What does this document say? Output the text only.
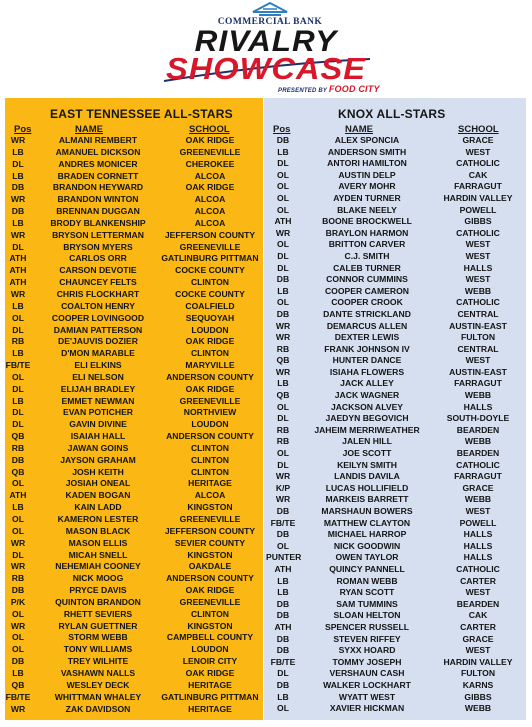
COMMERCIAL BANK
RIVALRY
SHOWCASE
PRESENTED BY FOOD CITY
EAST TENNESSEE ALL-STARS	KNOX ALL-STARS
Pos	NAME	SCHOOL	Pos	NAME	SCHOOL
WR	ALMANI REMBERT	OAK RIDGE
LB	AMANUEL DICKSON	GREENEVILLE
DL	ANDRES MONICER	CHEROKEE
LB	BRADEN CORNETT	ALCOA
DB	BRANDON HEYWARD	OAK RIDGE
WR	BRANDON WINTON	ALCOA
DB	BRENNAN DUGGAN	ALCOA
LB	BRODY BLANKENSHIP	ALCOA
WR	BRYSON LETTERMAN	JEFFERSON COUNTY
DL	BRYSON MYERS	GREENEVILLE
ATH	CARLOS ORR	GATLINBURG PITTMAN
ATH	CARSON DEVOTIE	COCKE COUNTY
ATH	CHAUNCEY FELTS	CLINTON
WR	CHRIS FLOCKHART	COCKE COUNTY
LB	COALTON HENRY	COALFIELD
OL	COOPER LOVINGOOD	SEQUOYAH
DL	DAMIAN PATTERSON	LOUDON
RB	DE'JAUVIS DOZIER	OAK RIDGE
LB	D'MON MARABLE	CLINTON
FB/TE	ELI ELKINS	MARYVILLE
OL	ELI NELSON	ANDERSON COUNTY
DL	ELIJAH BRADLEY	OAK RIDGE
LB	EMMET NEWMAN	GREENEVILLE
DL	EVAN POTICHER	NORTHVIEW
DL	GAVIN DIVINE	LOUDON
QB	ISAIAH HALL	ANDERSON COUNTY
RB	JAWAN GOINS	CLINTON
DB	JAYSON GRAHAM	CLINTON
QB	JOSH KEITH	CLINTON
OL	JOSIAH ONEAL	HERITAGE
ATH	KADEN BOGAN	ALCOA
LB	KAIN LADD	KINGSTON
OL	KAMERON LESTER	GREENEVILLE
OL	MASON BLACK	JEFFERSON COUNTY
WR	MASON ELLIS	SEVIER COUNTY
DL	MICAH SNELL	KINGSTON
WR	NEHEMIAH COONEY	OAKDALE
RB	NICK MOOG	ANDERSON COUNTY
DB	PRYCE DAVIS	OAK RIDGE
P/K	QUINTON BRANDON	GREENEVILLE
OL	RHETT SEVIERS	CLINTON
WR	RYLAN GUETTNER	KINGSTON
OL	STORM WEBB	CAMPBELL COUNTY
OL	TONY WILLIAMS	LOUDON
DB	TREY WILHITE	LENOIR CITY
LB	VASHAWN NALLS	OAK RIDGE
QB	WESLEY DECK	HERITAGE
FB/TE	WHITTMAN WHALEY	GATLINBURG PITTMAN
WR	ZAK DAVIDSON	HERITAGE
DB	ALEX SPONCIA	GRACE
LB	ANDERSON SMITH	WEST
DL	ANTORI HAMILTON	CATHOLIC
OL	AUSTIN DELP	CAK
OL	AVERY MOHR	FARRAGUT
OL	AYDEN TURNER	HARDIN VALLEY
OL	BLAKE NEELY	POWELL
ATH	BOONE BROCKWELL	GIBBS
WR	BRAYLON HARMON	CATHOLIC
OL	BRITTON CARVER	WEST
DL	C.J. SMITH	WEST
DL	CALEB TURNER	HALLS
DB	CONNOR CUMMINS	WEST
LB	COOPER CAMERON	WEBB
OL	COOPER CROOK	CATHOLIC
DB	DANTE STRICKLAND	CENTRAL
WR	DEMARCUS ALLEN	AUSTIN-EAST
WR	DEXTER LEWIS	FULTON
RB	FRANK JOHNSON IV	CENTRAL
QB	HUNTER DANCE	WEST
WR	ISIAHA FLOWERS	AUSTIN-EAST
LB	JACK ALLEY	FARRAGUT
QB	JACK WAGNER	WEBB
OL	JACKSON ALVEY	HALLS
DL	JAEDYN BEGOVICH	SOUTH-DOYLE
RB	JAHEIM MERRIWEATHER	BEARDEN
RB	JALEN HILL	WEBB
OL	JOE SCOTT	BEARDEN
DL	KEILYN SMITH	CATHOLIC
WR	LANDIS DAVILA	FARRAGUT
K/P	LUCAS HOLLIFIELD	GRACE
WR	MARKEIS BARRETT	WEBB
DB	MARSHAUN BOWERS	WEST
FB/TE	MATTHEW CLAYTON	POWELL
DB	MICHAEL HARROP	HALLS
OL	NICK GOODWIN	HALLS
PUNTER	OWEN TAYLOR	HALLS
ATH	QUINCY PANNELL	CATHOLIC
LB	ROMAN WEBB	CARTER
LB	RYAN SCOTT	WEST
DB	SAM TUMMINS	BEARDEN
DB	SLOAN HELTON	CAK
ATH	SPENCER RUSSELL	CARTER
DB	STEVEN RIFFEY	GRACE
DB	SYXX HOARD	WEST
FB/TE	TOMMY JOSEPH	HARDIN VALLEY
DL	VERSHAUN CASH	FULTON
DB	WALKER LOCKHART	KARNS
LB	WYATT WEST	GIBBS
OL	XAVIER HICKMAN	WEBB
